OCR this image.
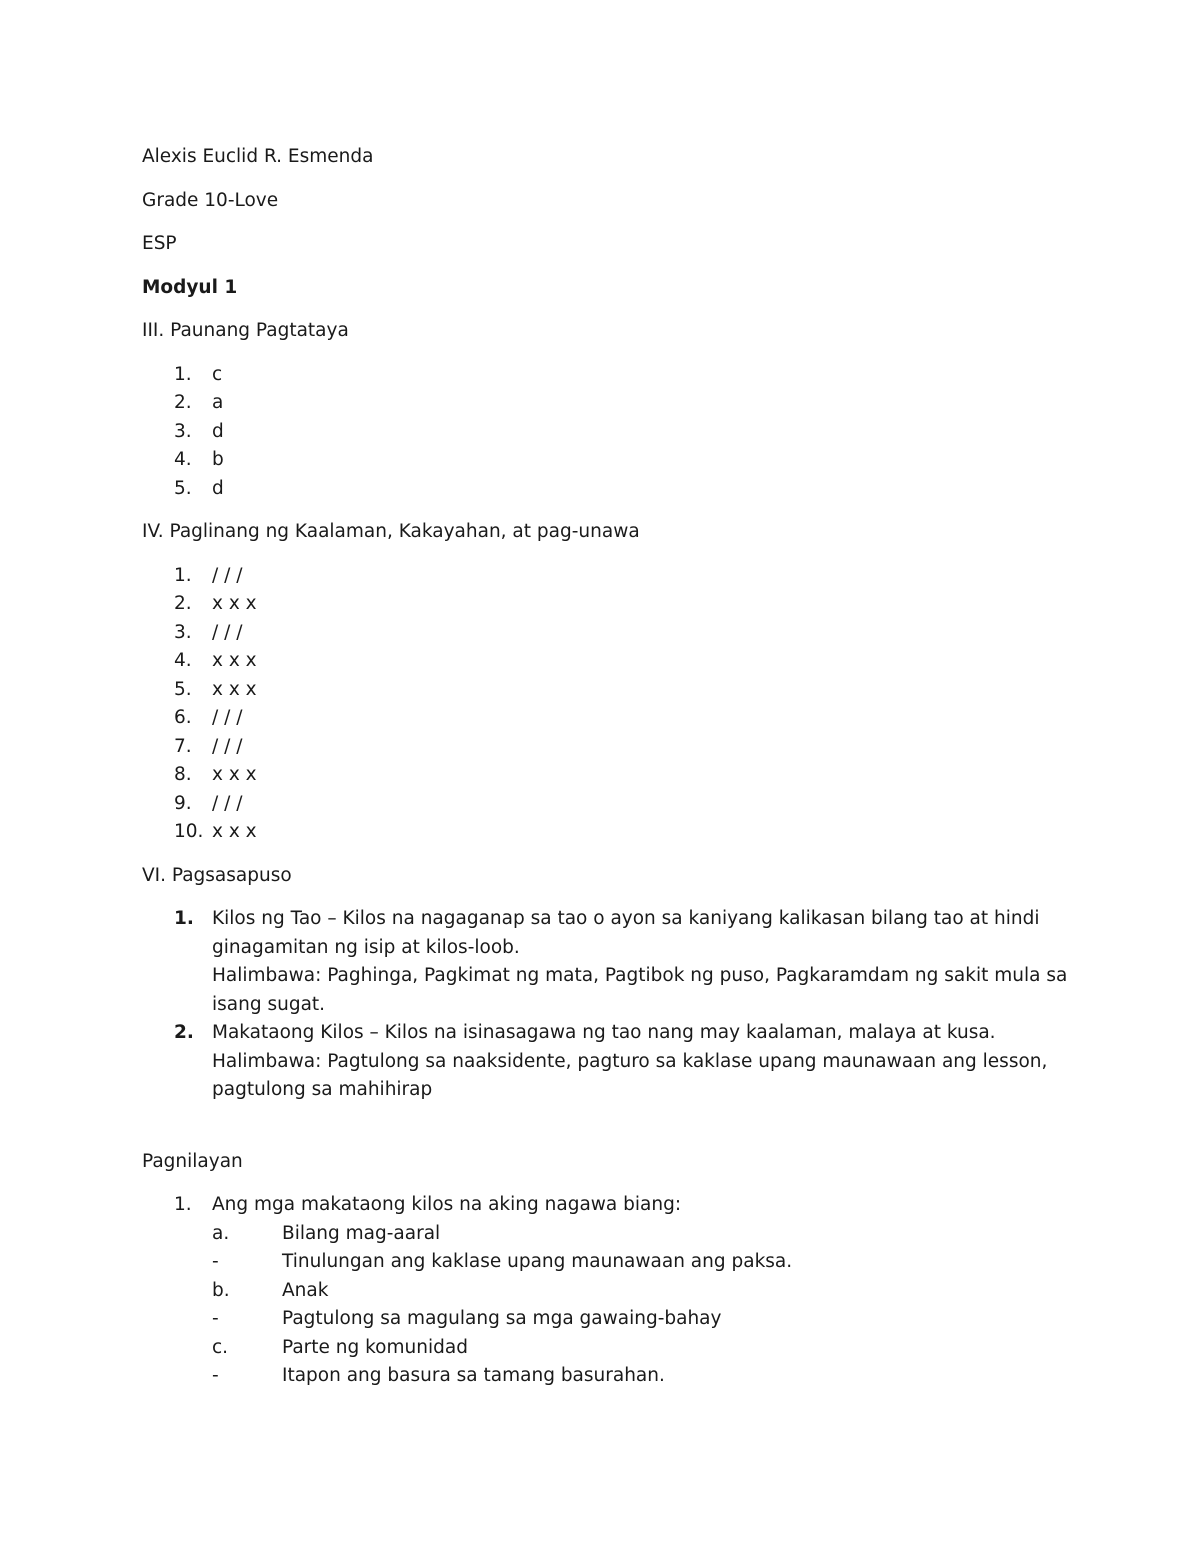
Alexis Euclid R. Esmenda

Grade 10-Love

ESP

Modyul 1

III. Paunang Pagtataya

1.	c
2.	a
3.	d
4.	b
5.	d

IV. Paglinang ng Kaalaman, Kakayahan, at pag-unawa

1.	/ / /
2.	x x x
3.	/ / /
4.	x x x
5.	x x x
6.	/ / /
7.	/ / /
8.	x x x
9.	/ / /
10. x x x

VI. Pagsasapuso

1. Kilos ng Tao – Kilos na nagaganap sa tao o ayon sa kaniyang kalikasan bilang tao at hindi ginagamitan ng isip at kilos-loob.
Halimbawa: Paghinga, Pagkimat ng mata, Pagtibok ng puso, Pagkaramdam ng sakit mula sa isang sugat.
2. Makataong Kilos – Kilos na isinasagawa ng tao nang may kaalaman, malaya at kusa.
Halimbawa: Pagtulong sa naaksidente, pagturo sa kaklase upang maunawaan ang lesson, pagtulong sa mahihirap

Pagnilayan

1.	Ang mga makataong kilos na aking nagawa biang:
a.	Bilang mag-aaral
-	Tinulungan ang kaklase upang maunawaan ang paksa.
b.	Anak
-	Pagtulong sa magulang sa mga gawaing-bahay
c.	Parte ng komunidad
-	Itapon ang basura sa tamang basurahan.
